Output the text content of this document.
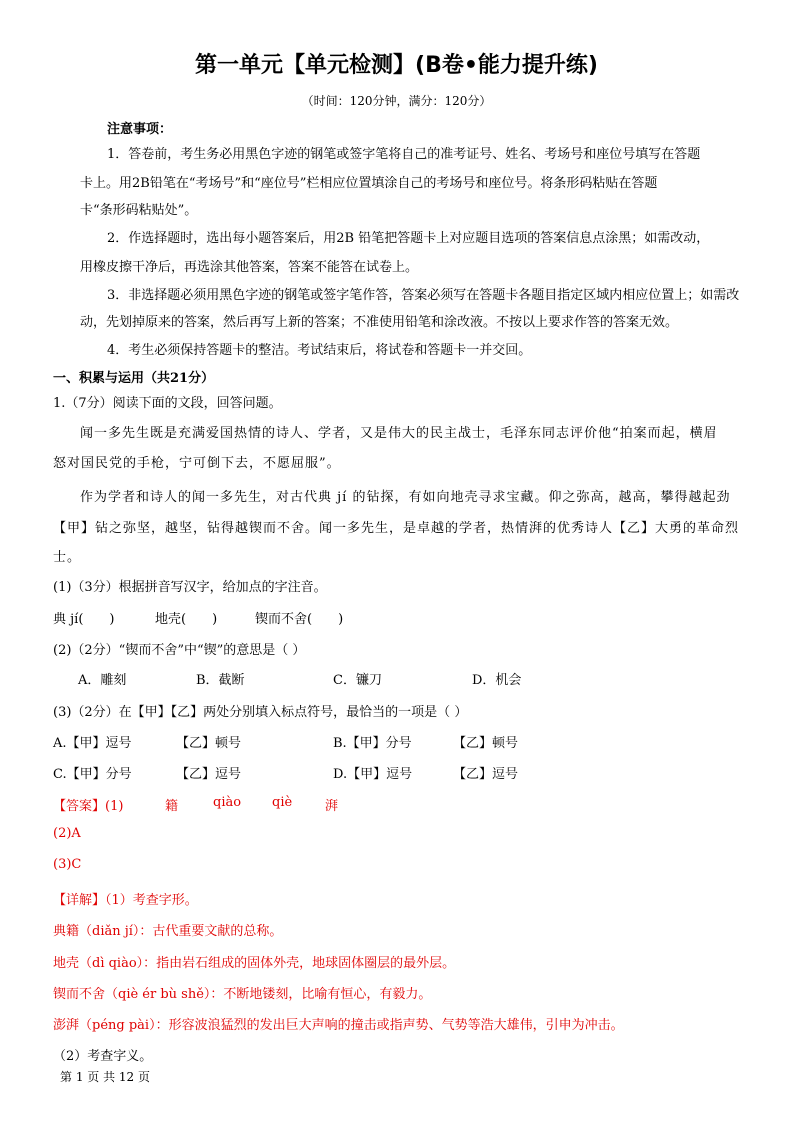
第一单元【单元检测】(B卷•能力提升练)
（时间：120分钟，满分：120分）
注意事项：
1．答卷前，考生务必用黑色字迹的钢笔或签字笔将自己的准考证号、姓名、考场号和座位号填写在答题
卡上。用2B铅笔在“考场号”和“座位号”栏相应位置填涂自己的考场号和座位号。将条形码粘贴在答题
卡“条形码粘贴处”。
2．作选择题时，选出每小题答案后，用2B 铅笔把答题卡上对应题目选项的答案信息点涂黑；如需改动，
用橡皮擦干净后，再选涂其他答案，答案不能答在试卷上。
3．非选择题必须用黑色字迹的钢笔或签字笔作答，答案必须写在答题卡各题目指定区域内相应位置上；如需改
动，先划掉原来的答案，然后再写上新的答案；不准使用铅笔和涂改液。不按以上要求作答的答案无效。
4．考生必须保持答题卡的整洁。考试结束后，将试卷和答题卡一并交回。
一、积累与运用（共21分）
1.（7分）阅读下面的文段，回答问题。
闻一多先生既是充满爱国热情的诗人、学者，又是伟大的民主战士，毛泽东同志评价他“拍案而起，横眉
怒对国民党的手枪，宁可倒下去，不愿屈服”。
作为学者和诗人的闻一多先生，对古代典 jí 的钻探，有如向地壳寻求宝藏。仰之弥高，越高，攀得越起劲
【甲】钻之弥坚，越坚，钻得越锲而不舍。闻一多先生，是卓越的学者，热情湃的优秀诗人【乙】大勇的革命烈
士。
(1)（3分）根据拼音写汉字，给加点的字注音。
典 jí(　　)	地壳(　　)	锲而不舍(　　)
(2)（2分）“锲而不舍”中“锲”的意思是（ ）
A．雕刻	B．截断	C．镰刀	D．机会
(3)（2分）在【甲】【乙】两处分别填入标点符号，最恰当的一项是（ ）
A.【甲】逗号	【乙】顿号	B.【甲】分号	【乙】顿号
C.【甲】分号	【乙】逗号	D.【甲】逗号	【乙】逗号
【答案】(1)	籍	qiào qiè	湃
(2)A
(3)C
【详解】（1）考查字形。
典籍（diǎn jí）：古代重要文献的总称。
地壳（dì qiào）：指由岩石组成的固体外壳，地球固体圈层的最外层。
锲而不舍（qiè ér bù shě）：不断地镂刻，比喻有恒心，有毅力。
澎湃（péng pài）：形容波浪猛烈的发出巨大声响的撞击或指声势、气势等浩大雄伟，引申为冲击。
（2）考查字义。
第 1 页 共 12 页
